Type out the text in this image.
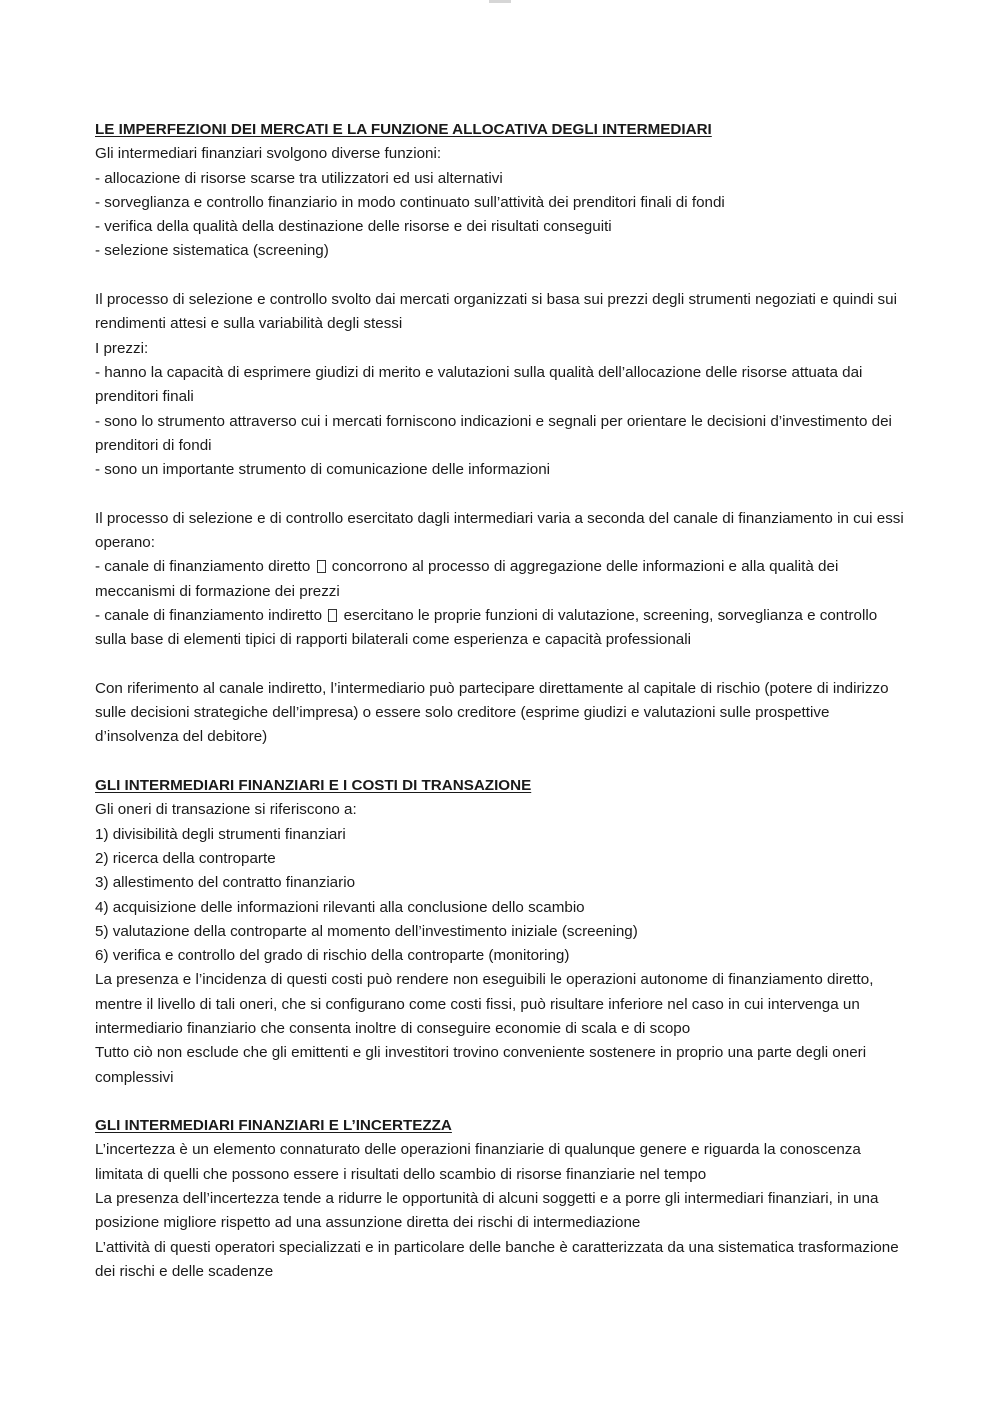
LE IMPERFEZIONI DEI MERCATI E LA FUNZIONE ALLOCATIVA DEGLI INTERMEDIARI
Gli intermediari finanziari svolgono diverse funzioni:
- allocazione di risorse scarse tra utilizzatori ed usi alternativi
- sorveglianza e controllo finanziario in modo continuato sull’attività dei prenditori finali di fondi
- verifica della qualità della destinazione delle risorse e dei risultati conseguiti
- selezione sistematica (screening)
Il processo di selezione e controllo svolto dai mercati organizzati si basa sui prezzi degli strumenti negoziati e quindi sui rendimenti attesi e sulla variabilità degli stessi
I prezzi:
- hanno la capacità di esprimere giudizi di merito e valutazioni sulla qualità dell’allocazione delle risorse attuata dai prenditori finali
- sono lo strumento attraverso cui i mercati forniscono indicazioni e segnali per orientare le decisioni d’investimento dei prenditori di fondi
- sono un importante strumento di comunicazione delle informazioni
Il processo di selezione e di controllo esercitato dagli intermediari varia a seconda del canale di finanziamento in cui essi operano:
- canale di finanziamento diretto concorrono al processo di aggregazione delle informazioni e alla qualità dei meccanismi di formazione dei prezzi
- canale di finanziamento indiretto esercitano le proprie funzioni di valutazione, screening, sorveglianza e controllo sulla base di elementi tipici di rapporti bilaterali come esperienza e capacità professionali
Con riferimento al canale indiretto, l’intermediario può partecipare direttamente al capitale di rischio (potere di indirizzo sulle decisioni strategiche dell’impresa) o essere solo creditore (esprime giudizi e valutazioni sulle prospettive d’insolvenza del debitore)
GLI INTERMEDIARI FINANZIARI E I COSTI DI TRANSAZIONE
Gli oneri di transazione si riferiscono a:
1) divisibilità degli strumenti finanziari
2) ricerca della controparte
3) allestimento del contratto finanziario
4) acquisizione delle informazioni rilevanti alla conclusione dello scambio
5) valutazione della controparte al momento dell’investimento iniziale (screening)
6) verifica e controllo del grado di rischio della controparte (monitoring)
La presenza e l’incidenza di questi costi può rendere non eseguibili le operazioni autonome di finanziamento diretto, mentre il livello di tali oneri, che si configurano come costi fissi, può risultare inferiore nel caso in cui intervenga un intermediario finanziario che consenta inoltre di conseguire economie di scala e di scopo
Tutto ciò non esclude che gli emittenti e gli investitori trovino conveniente sostenere in proprio una parte degli oneri complessivi
GLI INTERMEDIARI FINANZIARI E L’INCERTEZZA
L’incertezza è un elemento connaturato delle operazioni finanziarie di qualunque genere e riguarda la conoscenza limitata di quelli che possono essere i risultati dello scambio di risorse finanziarie nel tempo
La presenza dell’incertezza tende a ridurre le opportunità di alcuni soggetti e a porre gli intermediari finanziari, in una posizione migliore rispetto ad una assunzione diretta dei rischi di intermediazione
L’attività di questi operatori specializzati e in particolare delle banche è caratterizzata da una sistematica trasformazione dei rischi e delle scadenze
